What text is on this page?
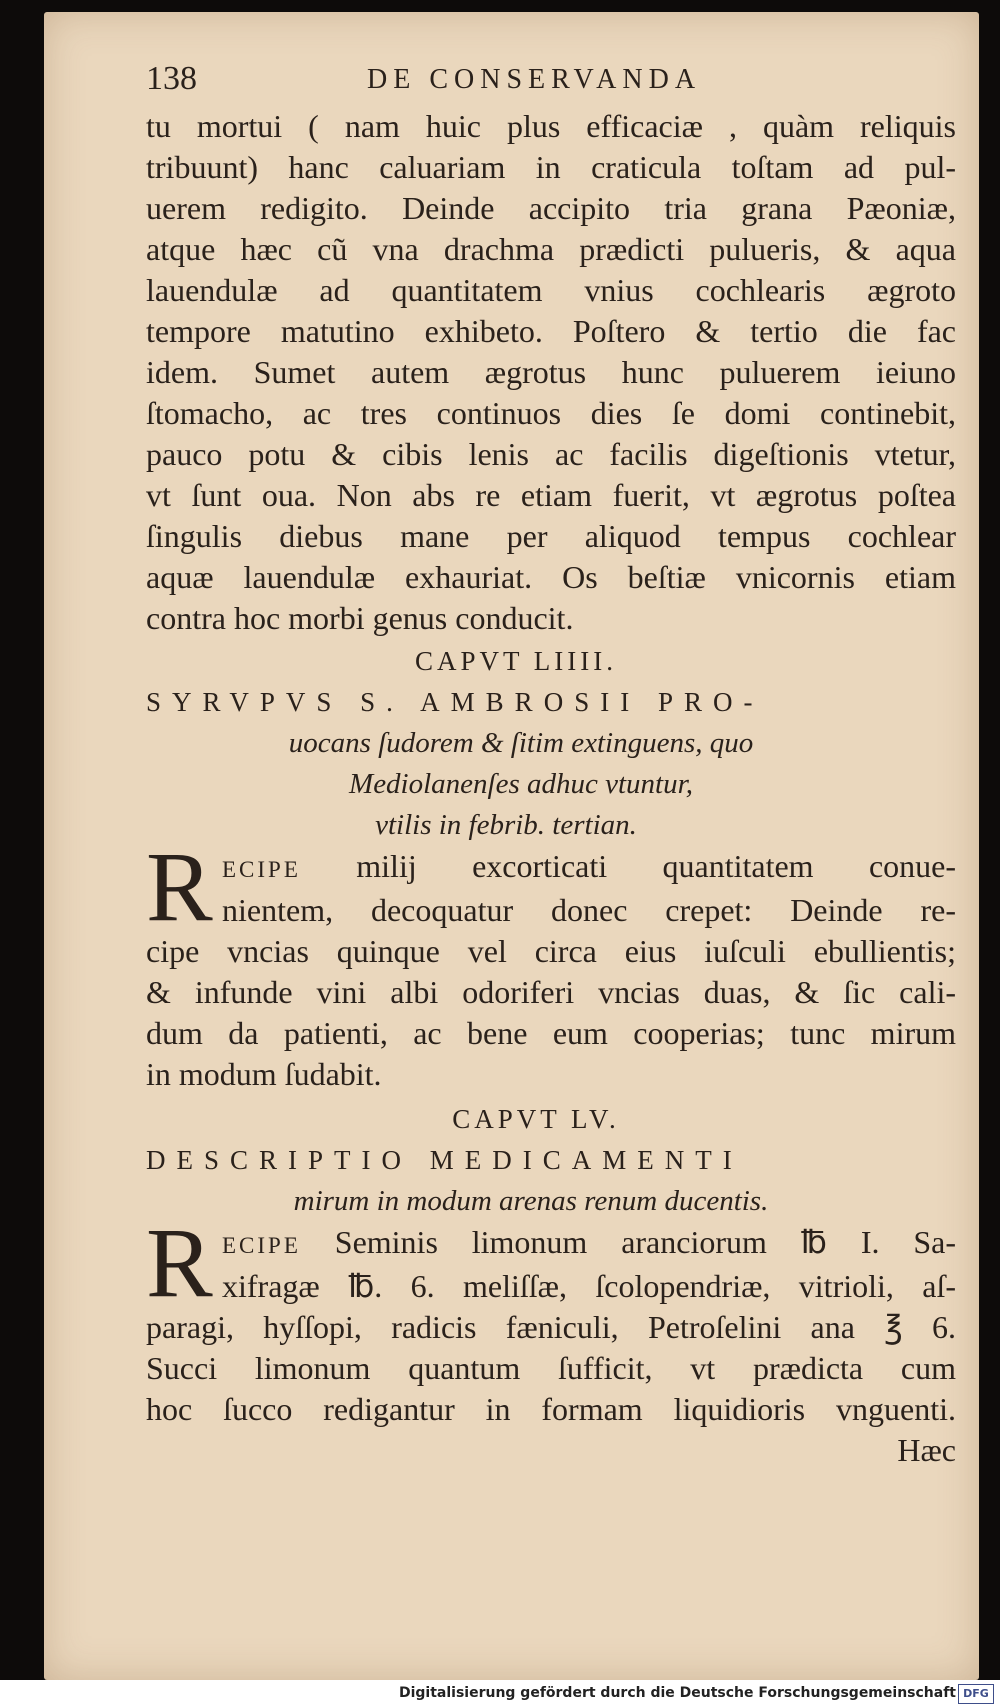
138	DE CONSERVANDA
tu mortui ( nam huic plus efficaciæ , quàm reliquis
tribuunt) hanc caluariam in craticula toſtam ad pul-
uerem redigito. Deinde accipito tria grana Pæoniæ,
atque hæc cũ vna drachma prædicti pulueris, & aqua
lauendulæ ad quantitatem vnius cochlearis ægroto
tempore matutino exhibeto. Poſtero & tertio die fac
idem. Sumet autem ægrotus hunc puluerem ieiuno
ſtomacho, ac tres continuos dies ſe domi continebit,
pauco potu & cibis lenis ac facilis digeſtionis vtetur,
vt ſunt oua. Non abs re etiam fuerit, vt ægrotus poſtea
ſingulis diebus mane per aliquod tempus cochlear
aquæ lauendulæ exhauriat. Os beſtiæ vnicornis etiam
contra hoc morbi genus conducit.
CAPVT LIIII.
SYRVPVS S. AMBROSII PRO-
uocans ſudorem & ſitim extinguens, quo
Mediolanenſes adhuc vtuntur,
vtilis in febrib. tertian.
R ECIPE milij excorticati quantitatem conue-
nientem, decoquatur donec crepet: Deinde re-
cipe vncias quinque vel circa eius iuſculi ebullientis;
& infunde vini albi odoriferi vncias duas, & ſic cali-
dum da patienti, ac bene eum cooperias; tunc mirum
in modum ſudabit.
CAPVT LV.
DESCRIPTIO MEDICAMENTI
mirum in modum arenas renum ducentis.
R ECIPE Seminis limonum aranciorum ℔ I. Sa-
xifragæ ℔. 6. meliſſæ, ſcolopendriæ, vitrioli, aſ-
paragi, hyſſopi, radicis fæniculi, Petroſelini ana ℥ 6.
Succi limonum quantum ſufficit, vt prædicta cum
hoc ſucco redigantur in formam liquidioris vnguenti.
Hæc
Digitalisierung gefördert durch die Deutsche Forschungsgemeinschaft DFG
